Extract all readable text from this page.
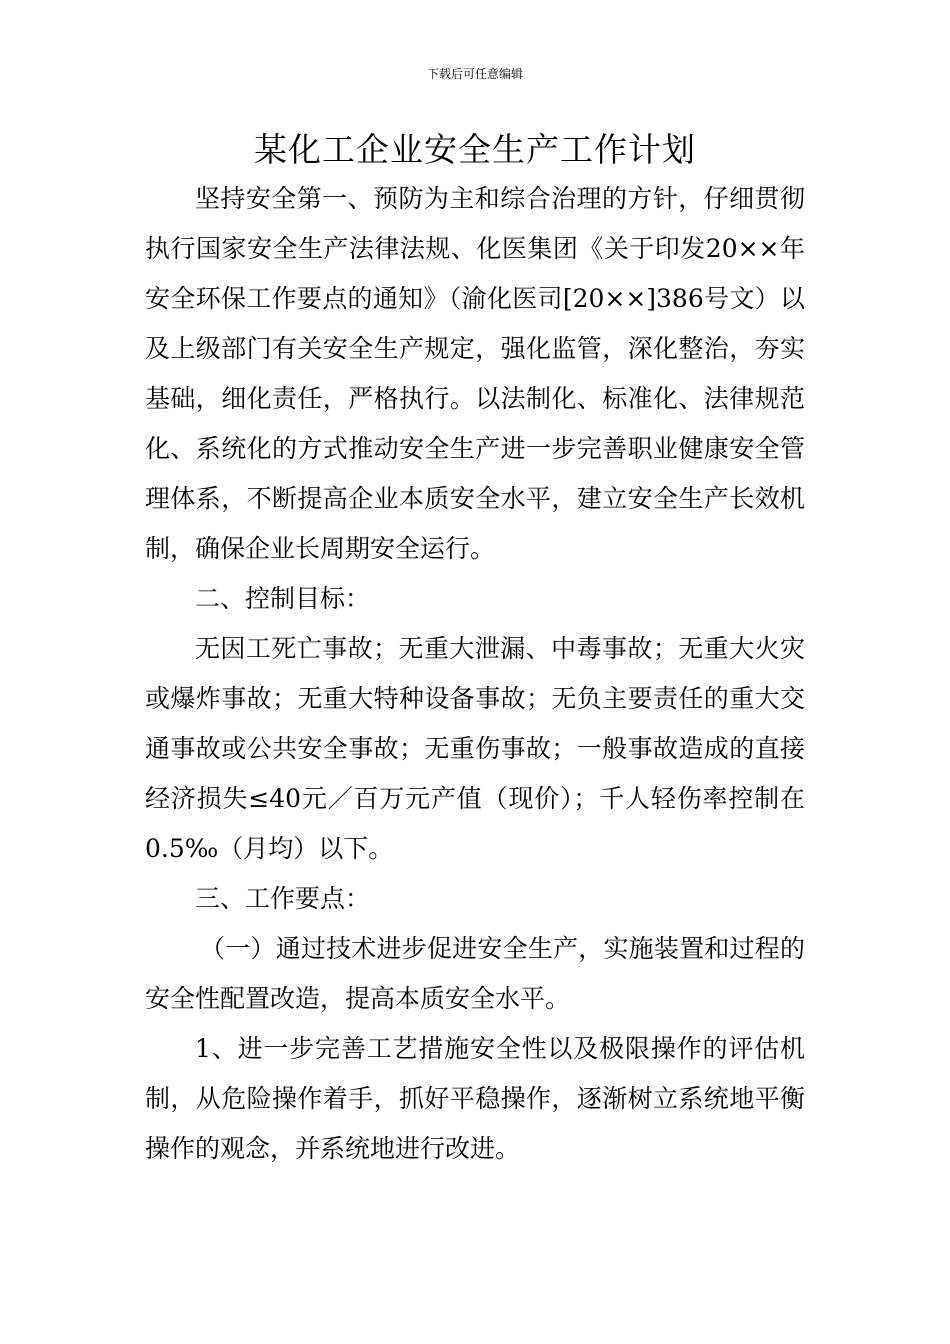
下载后可任意编辑
某化工企业安全生产工作计划

坚持安全第一、预防为主和综合治理的方针，仔细贯彻执行国家安全生产法律法规、化医集团《关于印发20××年安全环保工作要点的通知》（渝化医司[20××]386号文）以及上级部门有关安全生产规定，强化监管，深化整治，夯实基础，细化责任，严格执行。以法制化、标准化、法律规范化、系统化的方式推动安全生产进一步完善职业健康安全管理体系，不断提高企业本质安全水平，建立安全生产长效机制，确保企业长周期安全运行。

二、控制目标：

无因工死亡事故；无重大泄漏、中毒事故；无重大火灾或爆炸事故；无重大特种设备事故；无负主要责任的重大交通事故或公共安全事故；无重伤事故；一般事故造成的直接经济损失≤40元／百万元产值（现价）；千人轻伤率控制在0.5‰（月均）以下。

三、工作要点：

（一）通过技术进步促进安全生产，实施装置和过程的安全性配置改造，提高本质安全水平。

1、进一步完善工艺措施安全性以及极限操作的评估机制，从危险操作着手，抓好平稳操作，逐渐树立系统地平衡操作的观念，并系统地进行改进。
